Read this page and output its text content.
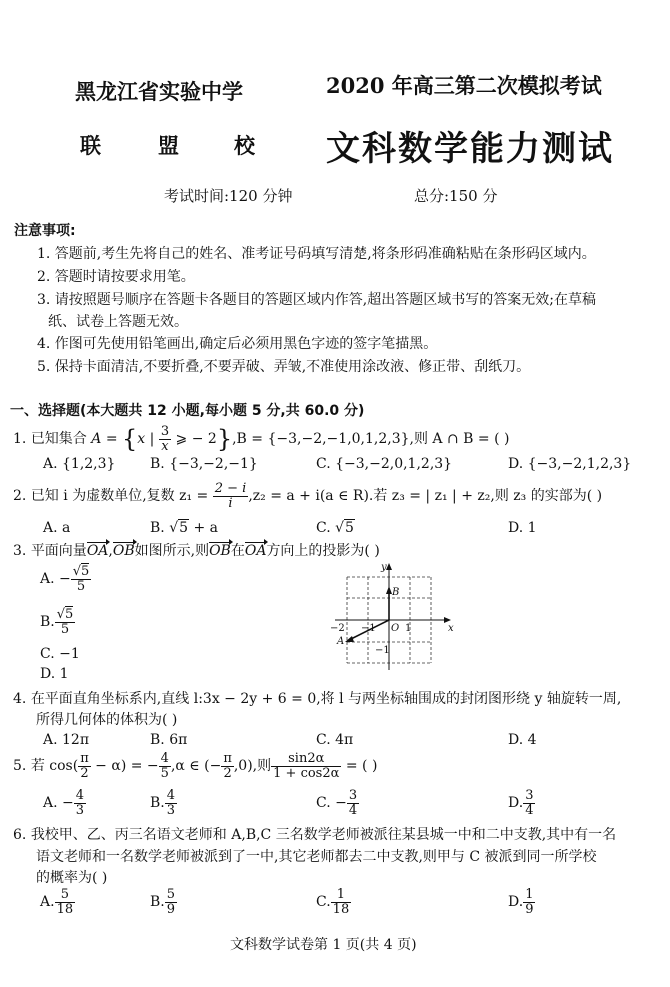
黑龙江省实验中学	2020 年高三第二次模拟考试
联	盟	校 文科数学能力测试
考试时间:120 分钟	总分:150 分
注意事项:
1. 答题前,考生先将自己的姓名、准考证号码填写清楚,将条形码准确粘贴在条形码区域内。
2. 答题时请按要求用笔。
3. 请按照题号顺序在答题卡各题目的答题区域内作答,超出答题区域书写的答案无效;在草稿
纸、试卷上答题无效。
4. 作图可先使用铅笔画出,确定后必须用黑色字迹的签字笔描黑。
5. 保持卡面清洁,不要折叠,不要弄破、弄皱,不准使用涂改液、修正带、刮纸刀。
一、选择题(本大题共 12 小题,每小题 5 分,共 60.0 分)
1. 已知集合 A = {x | $\frac{3}{x}$ ⩾ − 2},B = {−3,−2,−1,0,1,2,3},则 A ∩ B = ( )
A. {1,2,3} B. {−3,−2,−1}	C. {−3,−2,0,1,2,3}	D. {−3,−2,1,2,3}
2. 已知 i 为虚数单位,复数 $z_1 = \frac{2 - i}{i} ,z_2 = a + i(a$ ∈ R).若 z₃ = | z₁ | + z₂,则 z₃ 的实部为( )
A. a	B. √5 + a	C. √5	D. 1
3. 平面向量OA,OB如图所示,则OB在OA方向上的投影为( )
A. − $\frac{√5}{5}$
B. $\frac{√5}{5}$
C. −1
D. 1
y
x
B
O
A
1
−1
−2
−1
4. 在平面直角坐标系内,直线 l:3x − 2y + 6 = 0,将 l 与两坐标轴围成的封闭图形绕 y 轴旋转一周,
所得几何体的体积为( )
A. 12π	B. 6π	C. 4π	D. 4
5. 若 $\cos( \frac{\pi}{2} - \alpha)$ = − $\frac{4}{5} ,\alpha$ ∈ (− $\frac{\pi}{2} ,0$),则 $\frac{\sin 2\alpha}{1 + \cos 2\alpha}$ = ( )
A. − $\frac{4}{3}$	B. $\frac{4}{3}$	C. − $\frac{3}{4}$	D. $\frac{3}{4}$
6. 我校甲、乙、丙三名语文老师和 A,B,C 三名数学老师被派往某县城一中和二中支教,其中有一名
语文老师和一名数学老师被派到了一中,其它老师都去二中支教,则甲与 C 被派到同一所学校
的概率为( )
A. $\frac{5}{18}$	B. $\frac{5}{9}$	C. $\frac{1}{18}$	D. $\frac{1}{9}$
文科数学试卷第 1 页(共 4 页)
